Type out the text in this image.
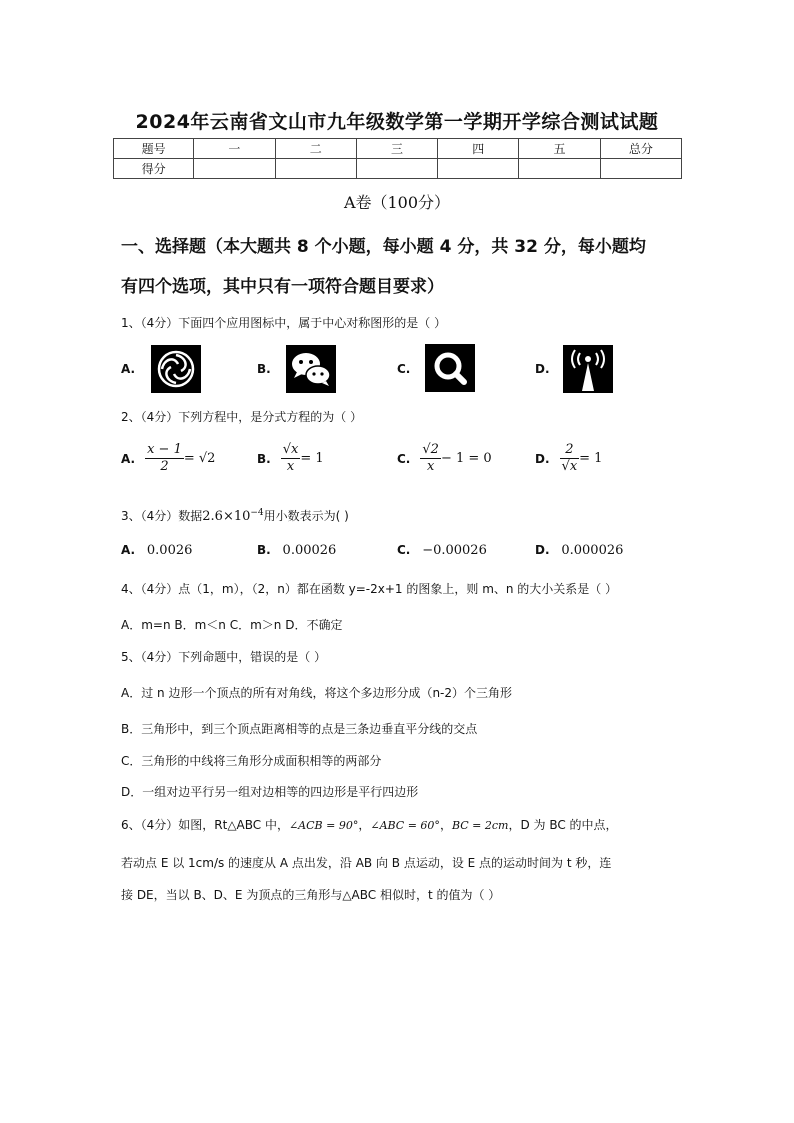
2024年云南省文山市九年级数学第一学期开学综合测试试题
题号	一	二	三	四	五	总分
得分						
A卷（100分）
一、选择题（本大题共 8 个小题，每小题 4 分，共 32 分，每小题均
有四个选项，其中只有一项符合题目要求）
1、（4分）下面四个应用图标中，属于中心对称图形的是（ ）
A.	B.	C.	D.
2、（4分）下列方程中，是分式方程的为（ ）
A. $\frac{x - 1}{2} = √2$	B. $\frac{√x}{x} = 1$	C. $\frac{√2}{x} - 1 = 0$	D. $\frac{2}{√x} = 1$
3、（4分）数据$2.6\times 10^{-4}$用小数表示为( )
A. 0.0026	B. 0.00026	C. −0.00026	D. 0.000026
4、（4分）点（1，m），（2，n）都在函数 y=-2x+1 的图象上，则 m、n 的大小关系是（ ）
A．m=n B．m＜n C．m＞n D．不确定
5、（4分）下列命题中，错误的是（ ）
A．过 n 边形一个顶点的所有对角线，将这个多边形分成（n-2）个三角形
B．三角形中，到三个顶点距离相等的点是三条边垂直平分线的交点
C．三角形的中线将三角形分成面积相等的两部分
D．一组对边平行另一组对边相等的四边形是平行四边形
6、（4分）如图，Rt△ABC 中，∠ACB = 90°，∠ABC = 60°，BC = 2cm，D 为 BC 的中点，
若动点 E 以 1cm/s 的速度从 A 点出发，沿 AB 向 B 点运动，设 E 点的运动时间为 t 秒，连
接 DE，当以 B、D、E 为顶点的三角形与△ABC 相似时，t 的值为（ ）
